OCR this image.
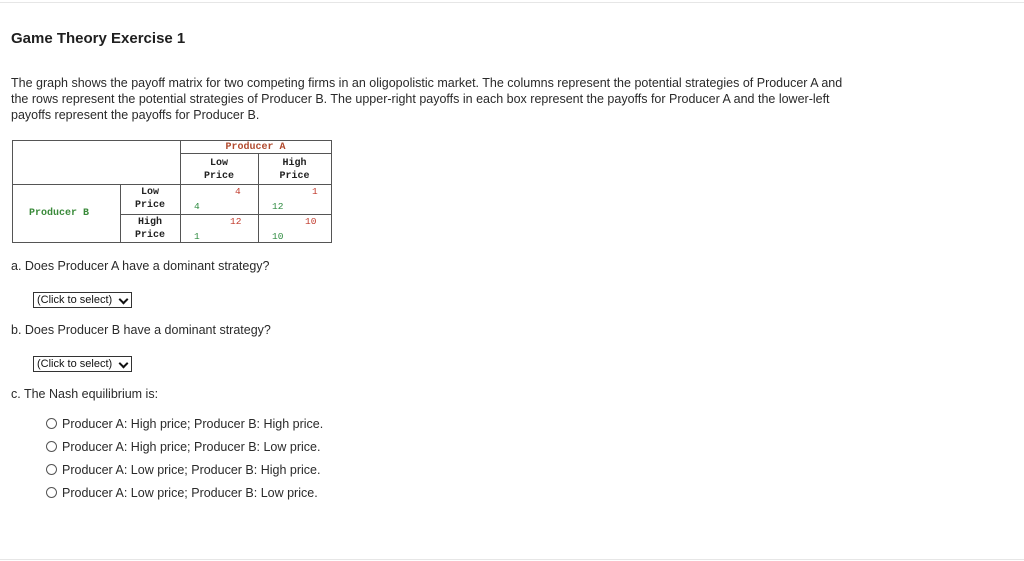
Game Theory Exercise 1
The graph shows the payoff matrix for two competing firms in an oligopolistic market. The columns represent the potential strategies of Producer A and the rows represent the potential strategies of Producer B. The upper-right payoffs in each box represent the payoffs for Producer A and the lower-left payoffs represent the payoffs for Producer B.
Producer A
Low
Price
High
Price
Producer B
Low
Price
High
Price
4
4
1
12
12
1
10
10
a. Does Producer A have a dominant strategy?
(Click to select)
b. Does Producer B have a dominant strategy?
(Click to select)
c. The Nash equilibrium is:
Producer A: High price; Producer B: High price.
Producer A: High price; Producer B: Low price.
Producer A: Low price; Producer B: High price.
Producer A: Low price; Producer B: Low price.
